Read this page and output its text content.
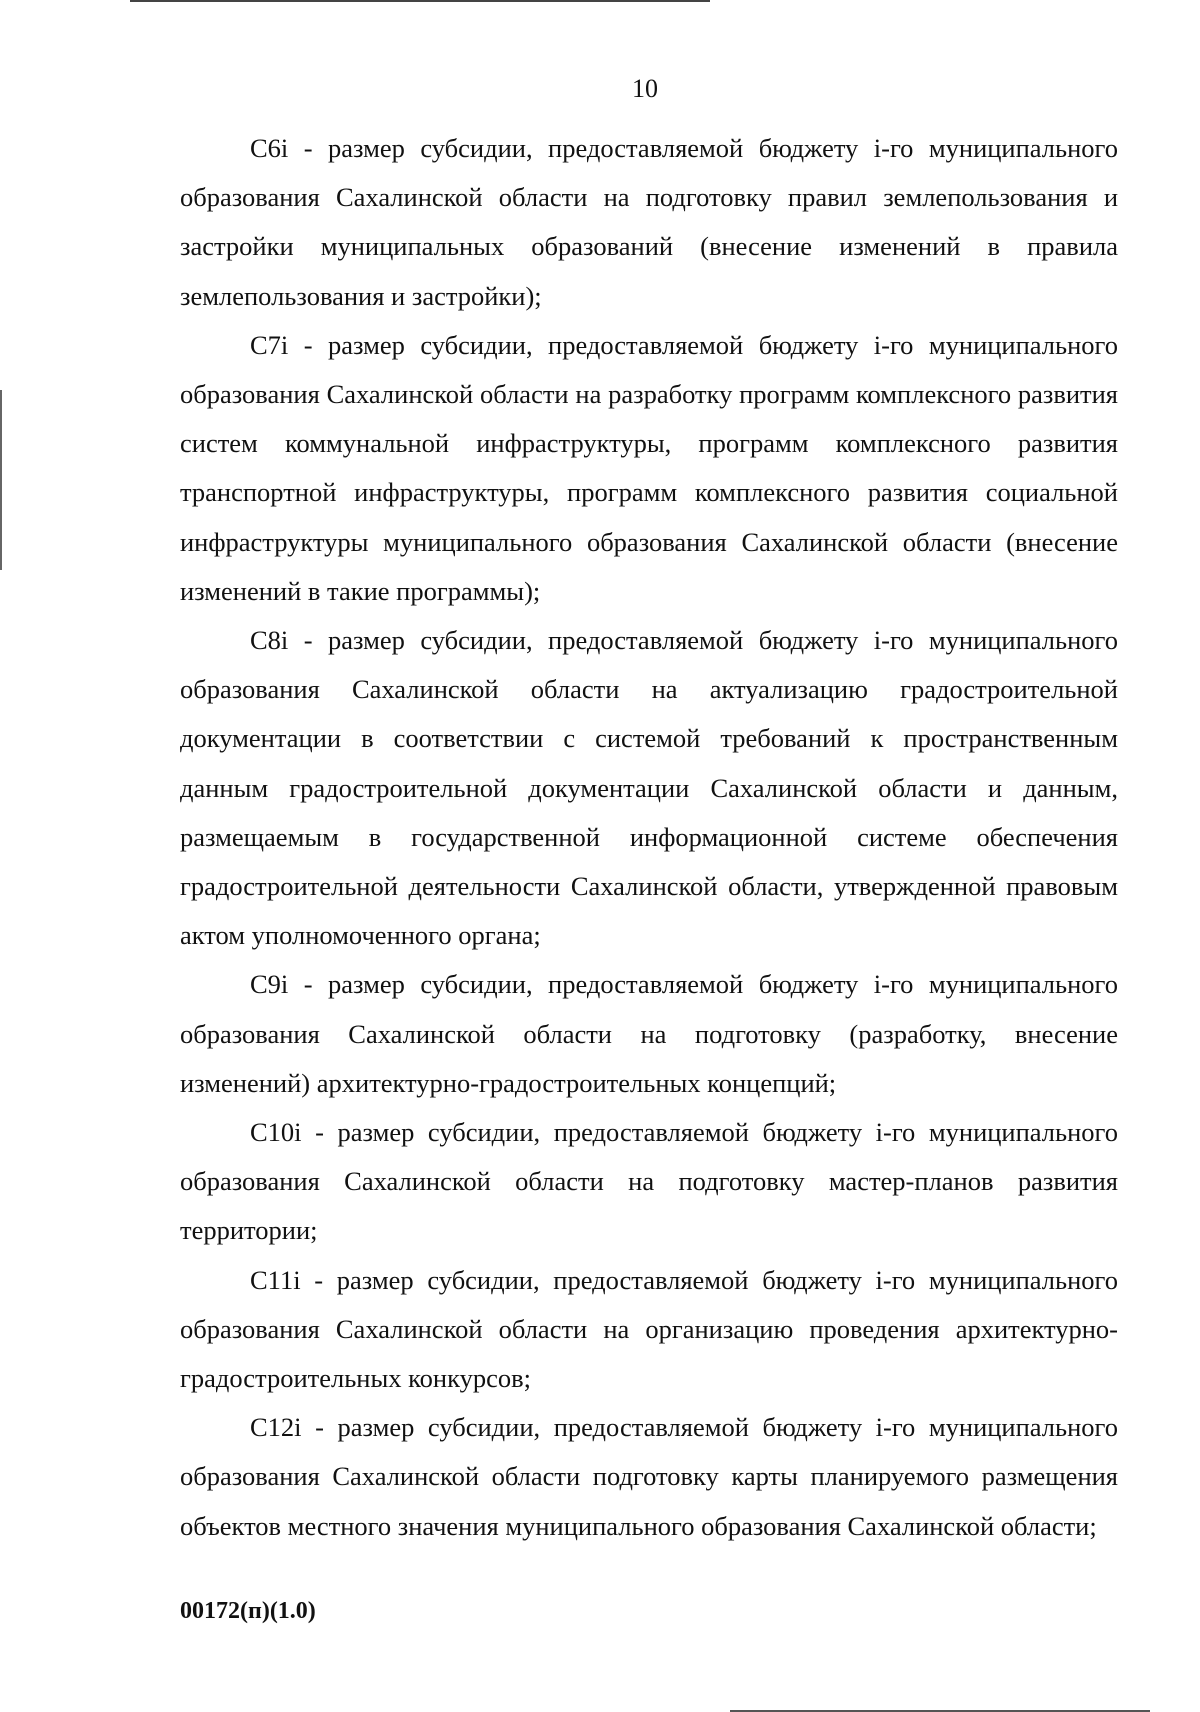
10

C6i - размер субсидии, предоставляемой бюджету i-го муниципального образования Сахалинской области на подготовку правил землепользования и застройки муниципальных образований (внесение изменений в правила землепользования и застройки);

C7i - размер субсидии, предоставляемой бюджету i-го муниципального образования Сахалинской области на разработку программ комплексного развития систем коммунальной инфраструктуры, программ комплексного развития транспортной инфраструктуры, программ комплексного развития социальной инфраструктуры муниципального образования Сахалинской области (внесение изменений в такие программы);

C8i - размер субсидии, предоставляемой бюджету i-го муниципального образования Сахалинской области на актуализацию градостроительной документации в соответствии с системой требований к пространственным данным градостроительной документации Сахалинской области и данным, размещаемым в государственной информационной системе обеспечения градостроительной деятельности Сахалинской области, утвержденной правовым актом уполномоченного органа;

C9i - размер субсидии, предоставляемой бюджету i-го муниципального образования Сахалинской области на подготовку (разработку, внесение изменений) архитектурно-градостроительных концепций;

C10i - размер субсидии, предоставляемой бюджету i-го муниципального образования Сахалинской области на подготовку мастер-планов развития территории;

C11i - размер субсидии, предоставляемой бюджету i-го муниципального образования Сахалинской области на организацию проведения архитектурно-градостроительных конкурсов;

C12i - размер субсидии, предоставляемой бюджету i-го муниципального образования Сахалинской области подготовку карты планируемого размещения объектов местного значения муниципального образования Сахалинской области;

00172(п)(1.0)
